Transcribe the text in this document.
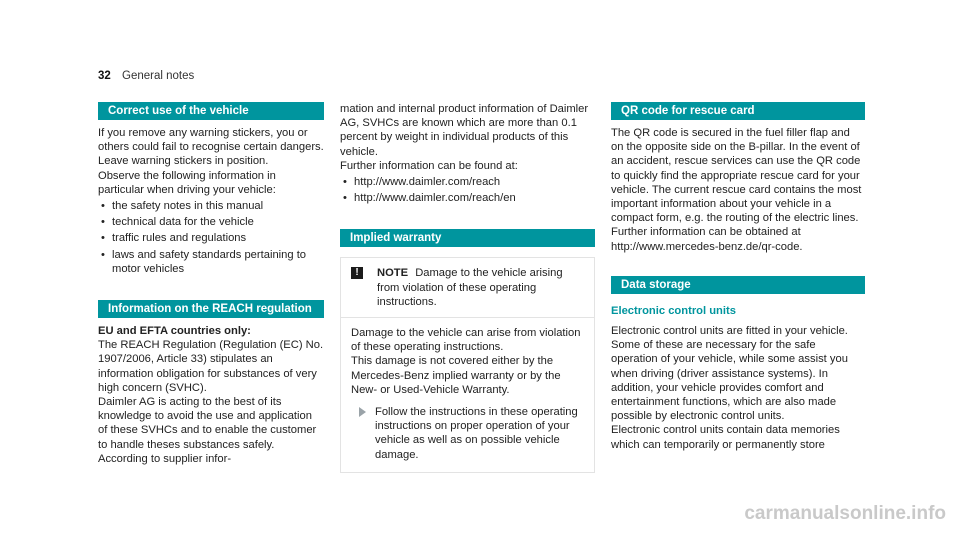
32 General notes
Correct use of the vehicle

If you remove any warning stickers, you or others could fail to recognise certain dangers. Leave warning stickers in position.

Observe the following information in particular when driving your vehicle:

• the safety notes in this manual
• technical data for the vehicle
• traffic rules and regulations
• laws and safety standards pertaining to motor vehicles
Information on the REACH regulation

EU and EFTA countries only:

The REACH Regulation (Regulation (EC) No. 1907/2006, Article 33) stipulates an information obligation for substances of very high concern (SVHC).

Daimler AG is acting to the best of its knowledge to avoid the use and application of these SVHCs and to enable the customer to handle theses substances safely. According to supplier infor-

mation and internal product information of Daimler AG, SVHCs are known which are more than 0.1 percent by weight in individual products of this vehicle.

Further information can be found at:

• http://www.daimler.com/reach
• http://www.daimler.com/reach/en
Implied warranty
!	NOTE Damage to the vehicle arising from violation of these operating instructions.

Damage to the vehicle can arise from violation of these operating instructions.

This damage is not covered either by the Mercedes-Benz implied warranty or by the New- or Used-Vehicle Warranty.

Follow the instructions in these operating instructions on proper operation of your vehicle as well as on possible vehicle damage.
QR code for rescue card

The QR code is secured in the fuel filler flap and on the opposite side on the B-pillar. In the event of an accident, rescue services can use the QR code to quickly find the appropriate rescue card for your vehicle. The current rescue card contains the most important information about your vehicle in a compact form, e.g. the routing of the electric lines.

Further information can be obtained at http://www.mercedes-benz.de/qr-code.

Data storage

Electronic control units

Electronic control units are fitted in your vehicle. Some of these are necessary for the safe operation of your vehicle, while some assist you when driving (driver assistance systems). In addition, your vehicle provides comfort and entertainment functions, which are also made possible by electronic control units.

Electronic control units contain data memories which can temporarily or permanently store

carmanualsonline.info
